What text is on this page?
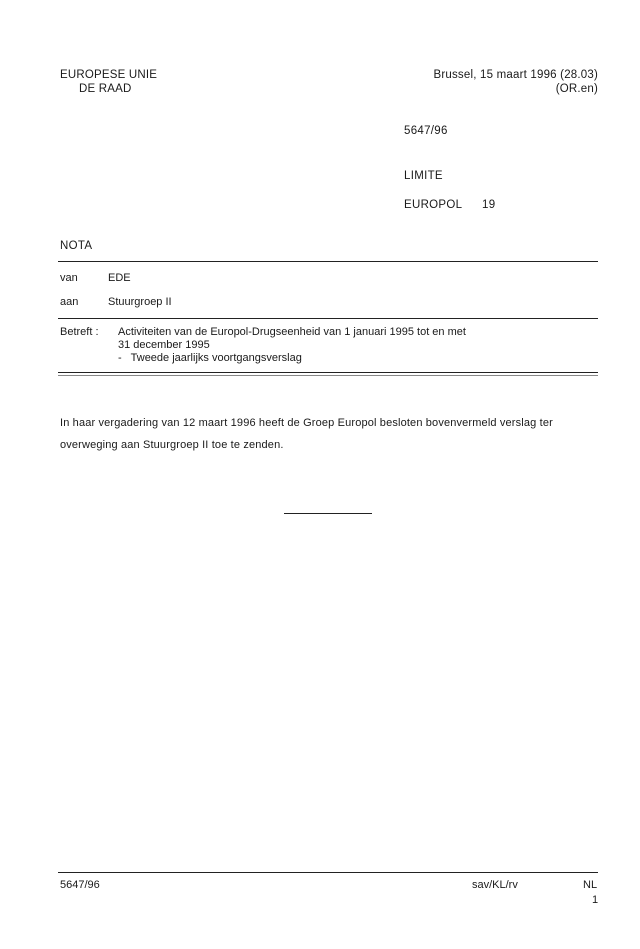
EUROPESE UNIE
DE RAAD
Brussel, 15 maart 1996 (28.03)
(OR.en)
5647/96
LIMITE
EUROPOL 19
NOTA
van	EDE
aan	Stuurgroep II
Betreft : Activiteiten van de Europol-Drugseenheid van 1 januari 1995 tot en met
31 december 1995
-   Tweede jaarlijks voortgangsverslag
In haar vergadering van 12 maart 1996 heeft de Groep Europol besloten bovenvermeld verslag ter overweging aan Stuurgroep II toe te zenden.
5647/96	sav/KL/rv	NL
1
